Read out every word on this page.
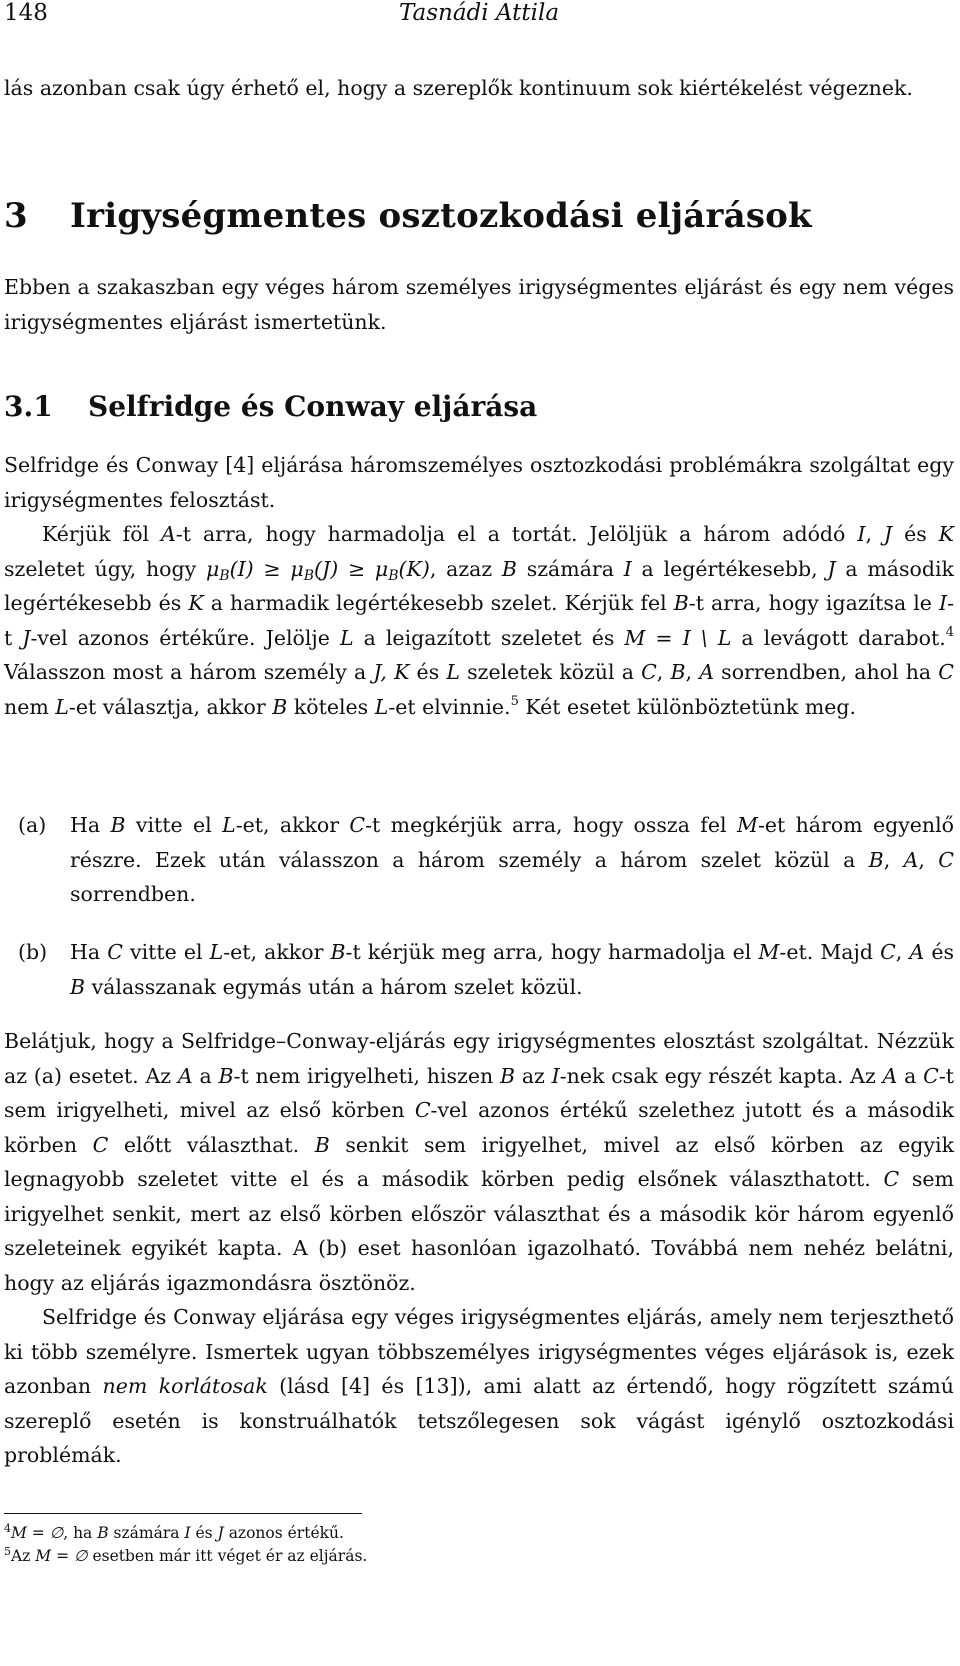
148	Tasnádi Attila

lás azonban csak úgy érhető el, hogy a szereplők kontinuum sok kiértékelést végeznek.

3 Irigységmentes osztozkodási eljárások

Ebben a szakaszban egy véges három személyes irigységmentes eljárást és egy nem véges irigységmentes eljárást ismertetünk.

3.1 Selfridge és Conway eljárása

Selfridge és Conway [4] eljárása háromszemélyes osztozkodási problémákra szolgáltat egy irigységmentes felosztást.

Kérjük föl A-t arra, hogy harmadolja el a tortát. Jelöljük a három adódó I, J és K szeletet úgy, hogy $\mu_B(I) \ge \mu_B(J) \ge \mu_B(K)$, azaz B számára I a legértékesebb, J a második legértékesebb és K a harmadik legértékesebb szelet. Kérjük fel B-t arra, hogy igazítsa le I-t J-vel azonos értékűre. Jelölje L a leigazított szeletet és M = I \ L a levágott darabot.$^4$ Válasszon most a három személy a J, K és L szeletek közül a C, B, A sorrendben, ahol ha C nem L-et választja, akkor B köteles L-et elvinnie.$^5$ Két esetet különböztetünk meg.

(a) Ha B vitte el L-et, akkor C-t megkérjük arra, hogy ossza fel M-et három egyenlő részre. Ezek után válasszon a három személy a három szelet közül a B, A, C sorrendben.

(b) Ha C vitte el L-et, akkor B-t kérjük meg arra, hogy harmadolja el M-et. Majd C, A és B válasszanak egymás után a három szelet közül.

Belátjuk, hogy a Selfridge–Conway-eljárás egy irigységmentes elosztást szolgáltat. Nézzük az (a) esetet. Az A a B-t nem irigyelheti, hiszen B az I-nek csak egy részét kapta. Az A a C-t sem irigyelheti, mivel az első körben C-vel azonos értékű szelethez jutott és a második körben C előtt választhat. B senkit sem irigyelhet, mivel az első körben az egyik legnagyobb szeletet vitte el és a második körben pedig elsőnek választhatott. C sem irigyelhet senkit, mert az első körben először választhat és a második kör három egyenlő szeleteinek egyikét kapta. A (b) eset hasonlóan igazolható. Továbbá nem nehéz belátni, hogy az eljárás igazmondásra ösztönöz.

Selfridge és Conway eljárása egy véges irigységmentes eljárás, amely nem terjeszthető ki több személyre. Ismertek ugyan többszemélyes irigységmentes véges eljárások is, ezek azonban nem korlátosak (lásd [4] és [13]), ami alatt az értendő, hogy rögzített számú szereplő esetén is konstruálhatók tetszőlegesen sok vágást igénylő osztozkodási problémák.

$^4$M = ∅, ha B számára I és J azonos értékű.
$^5$Az M = ∅ esetben már itt véget ér az eljárás.
